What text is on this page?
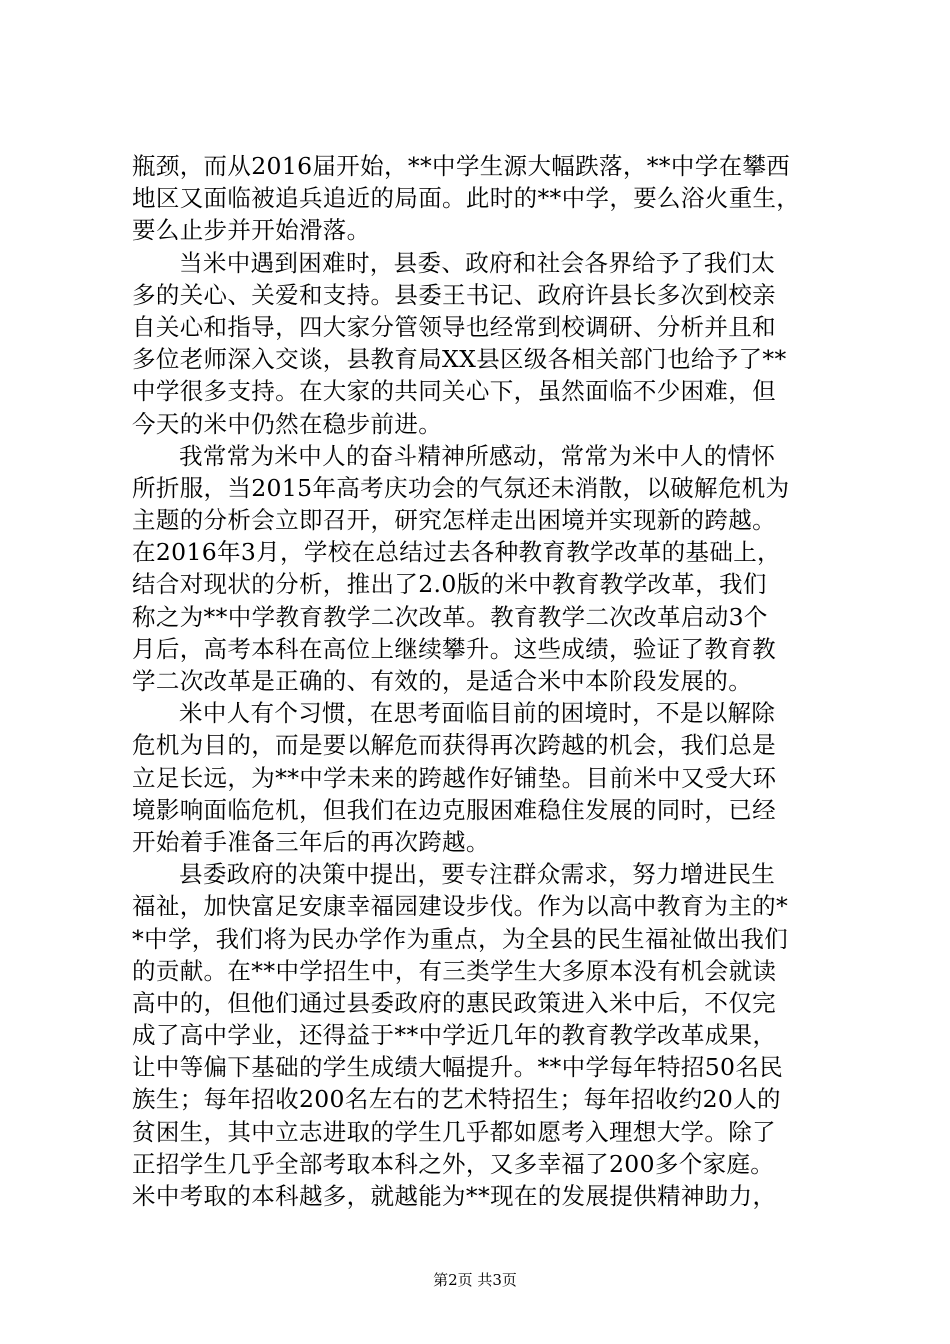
瓶颈，而从2016届开始，**中学生源大幅跌落，**中学在攀西
地区又面临被追兵追近的局面。此时的**中学，要么浴火重生，
要么止步并开始滑落。
当米中遇到困难时，县委、政府和社会各界给予了我们太
多的关心、关爱和支持。县委王书记、政府许县长多次到校亲
自关心和指导，四大家分管领导也经常到校调研、分析并且和
多位老师深入交谈，县教育局XX县区级各相关部门也给予了**
中学很多支持。在大家的共同关心下，虽然面临不少困难，但
今天的米中仍然在稳步前进。
我常常为米中人的奋斗精神所感动，常常为米中人的情怀
所折服，当2015年高考庆功会的气氛还未消散，以破解危机为
主题的分析会立即召开，研究怎样走出困境并实现新的跨越。
在2016年3月，学校在总结过去各种教育教学改革的基础上，
结合对现状的分析，推出了2.0版的米中教育教学改革，我们
称之为**中学教育教学二次改革。教育教学二次改革启动3个
月后，高考本科在高位上继续攀升。这些成绩，验证了教育教
学二次改革是正确的、有效的，是适合米中本阶段发展的。
米中人有个习惯，在思考面临目前的困境时，不是以解除
危机为目的，而是要以解危而获得再次跨越的机会，我们总是
立足长远，为**中学未来的跨越作好铺垫。目前米中又受大环
境影响面临危机，但我们在边克服困难稳住发展的同时，已经
开始着手准备三年后的再次跨越。
县委政府的决策中提出，要专注群众需求，努力增进民生
福祉，加快富足安康幸福园建设步伐。作为以高中教育为主的*
*中学，我们将为民办学作为重点，为全县的民生福祉做出我们
的贡献。在**中学招生中，有三类学生大多原本没有机会就读
高中的，但他们通过县委政府的惠民政策进入米中后，不仅完
成了高中学业，还得益于**中学近几年的教育教学改革成果，
让中等偏下基础的学生成绩大幅提升。**中学每年特招50名民
族生；每年招收200名左右的艺术特招生；每年招收约20人的
贫困生，其中立志进取的学生几乎都如愿考入理想大学。除了
正招学生几乎全部考取本科之外，又多幸福了200多个家庭。
米中考取的本科越多，就越能为**现在的发展提供精神助力，
第2页 共3页
